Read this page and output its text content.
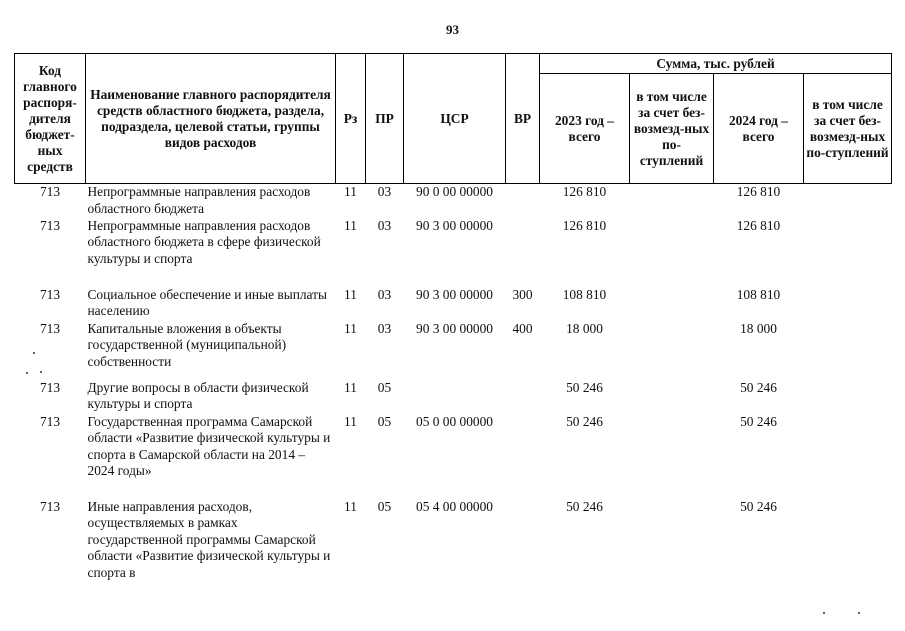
93
Код главного распоря-дителя бюджет-ных средств	Наименование главного распорядителя средств областного бюджета, раздела, подраздела, целевой статьи, группы видов расходов	Рз	ПР	ЦСР	ВР	Сумма, тыс. рублей			
						2023 год – всего	в том числе за счет без-возмезд-ных по-ступлений	2024 год – всего	в том числе за счет без-возмезд-ных по-ступлений
713	Непрограммные направления расходов областного бюджета	11	03	90 0 00 00000		126 810		126 810	
713	Непрограммные направления расходов областного бюджета в сфере физической культуры и спорта	11	03	90 3 00 00000		126 810		126 810	
713	Социальное обеспечение и иные выплаты населению	11	03	90 3 00 00000	300	108 810		108 810	
713	Капитальные вложения в объекты государственной (муниципальной) собственности	11	03	90 3 00 00000	400	18 000		18 000	
713	Другие вопросы в области физической культуры и спорта	11	05			50 246		50 246	
713	Государственная программа Самарской области «Развитие физической культуры и спорта в Самарской области на 2014 – 2024 годы»	11	05	05 0 00 00000		50 246		50 246	
713	Иные направления расходов, осуществляемых в рамках государственной программы Самарской области «Развитие физической культуры и спорта в	11	05	05 4 00 00000		50 246		50 246	
